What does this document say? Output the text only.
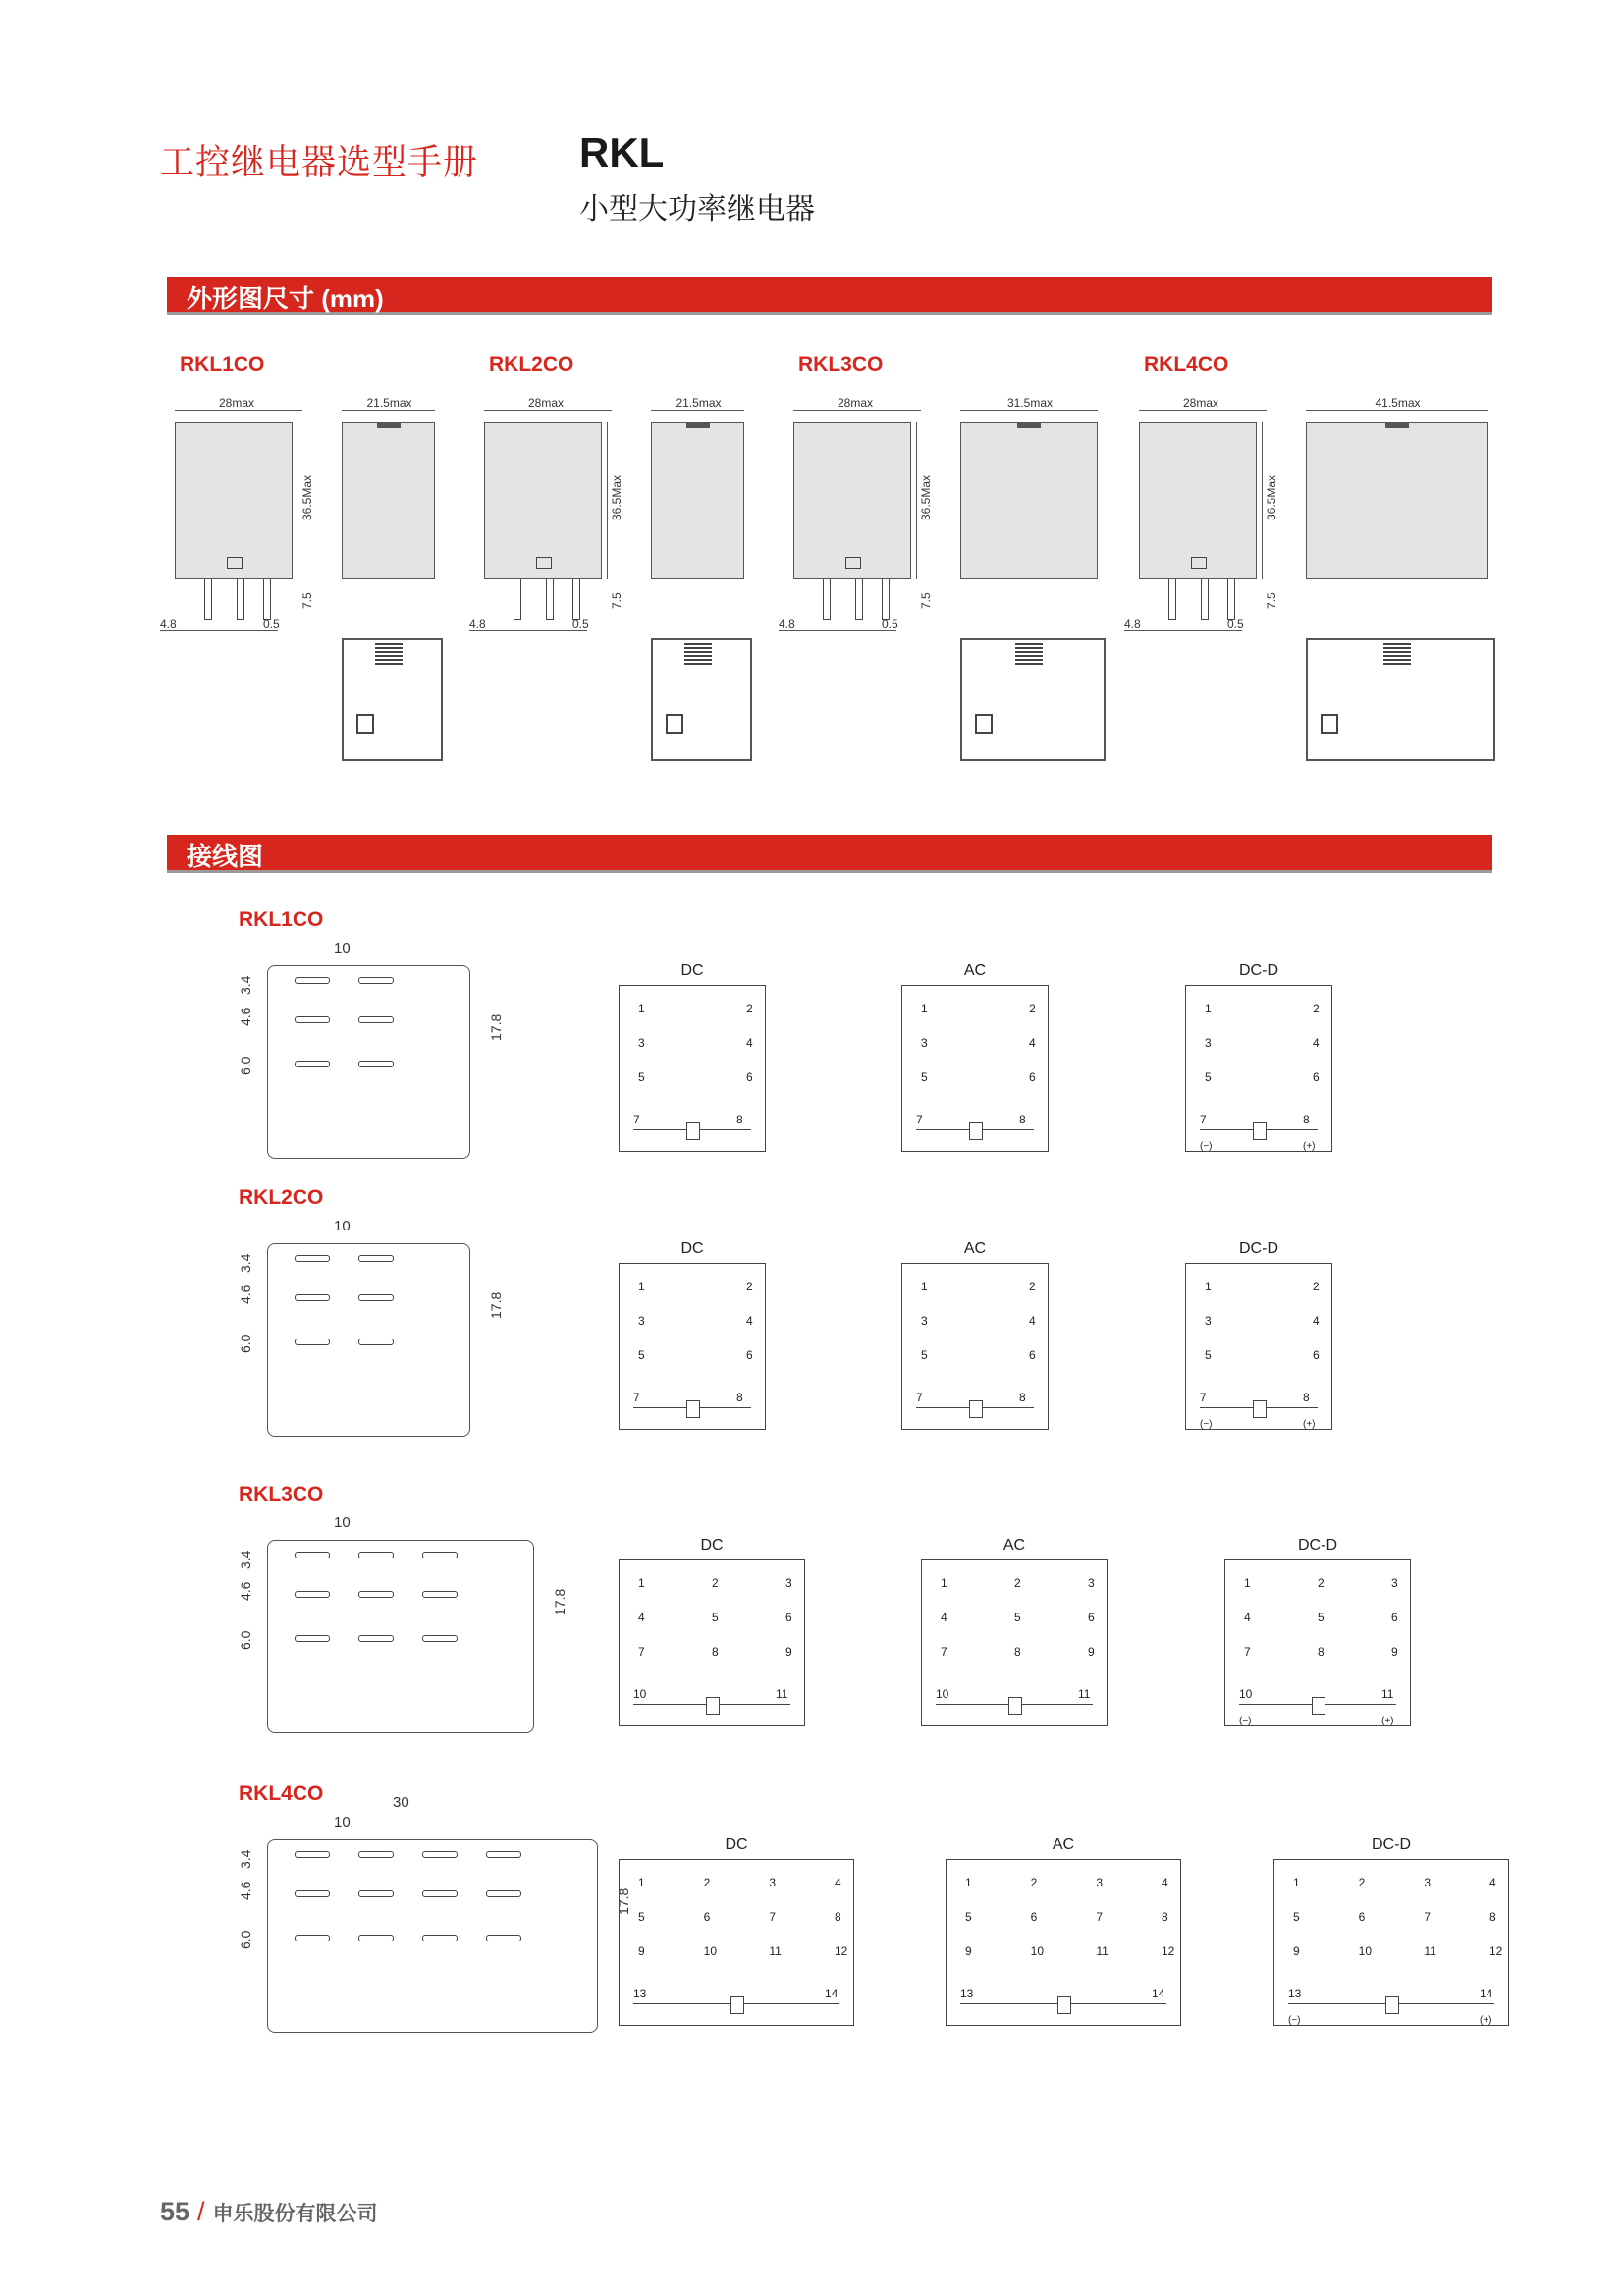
工控继电器选型手册 RKL
小型大功率继电器
外形图尺寸 (mm)
接线图
RKL1CO
28max
36.5Max
7.5
4.8	0.5
21.5max
RKL2CO
28max
36.5Max
7.5
4.8	0.5
21.5max
RKL3CO
28max
36.5Max
7.5
4.8	0.5
31.5max
RKL4CO
28max
36.5Max
7.5
4.8	0.5
41.5max
RKL1CO
10
3.4
4.6
6.0
17.8
DC
1	2
3	4
5	6
7	8
AC
1	2
3	4
5	6
7	8
DC-D
1	2
3	4
5	6
7	8
(−)	(+)
RKL2CO
10
3.4
4.6
6.0
17.8
DC
1	2
3	4
5	6
7	8
AC
1	2
3	4
5	6
7	8
DC-D
1	2
3	4
5	6
7	8
(−)	(+)
RKL3CO
10
3.4
4.6
6.0
17.8
DC
1	2	3
4	5	6
7	8	9
10	11
AC
1	2	3
4	5	6
7	8	9
10	11
DC-D
1	2	3
4	5	6
7	8	9
10	11
(−)	(+)
RKL4CO
10
30
3.4
4.6
6.0
17.8
DC
1	2	3	4
5	6	7	8
9	10	11	12
13	14
AC
1	2	3	4
5	6	7	8
9	10	11	12
13	14
DC-D
1	2	3	4
5	6	7	8
9	10	11	12
13	14
(−)	(+)
55 / 申乐股份有限公司
